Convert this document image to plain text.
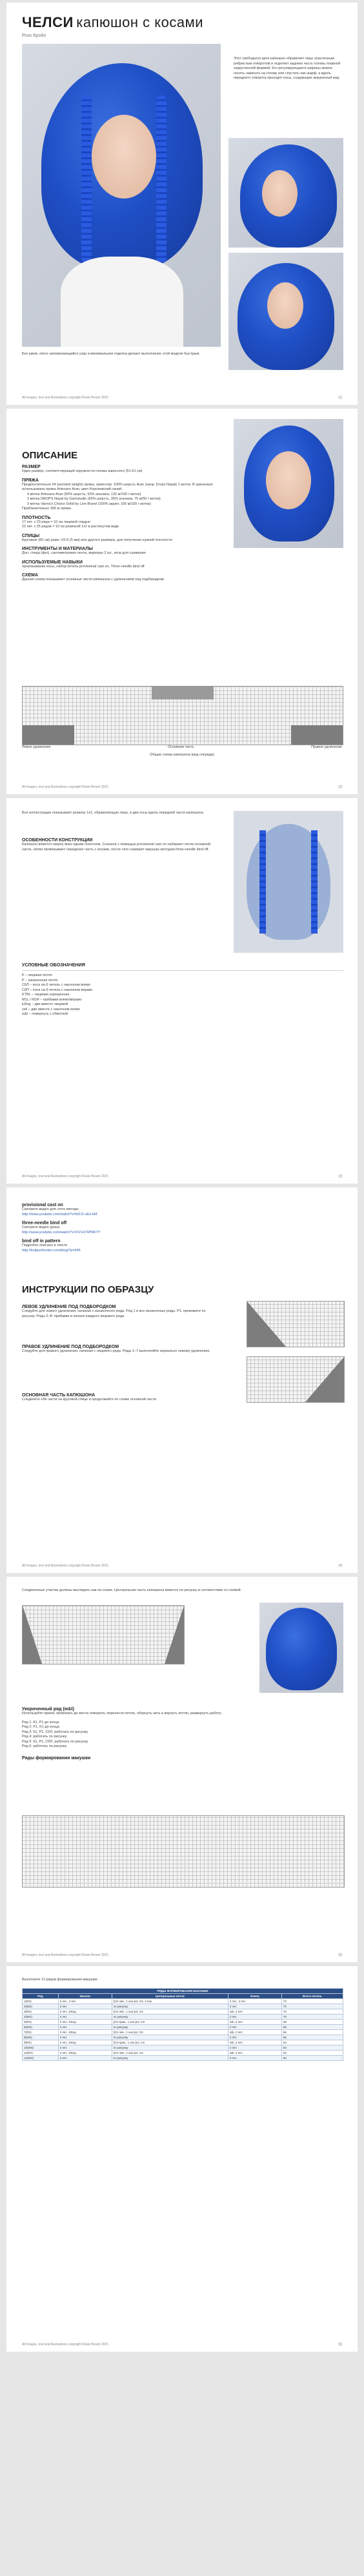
ЧЕЛСИ капюшон с косами
Розо Бройл
Этот свободного кроя капюшон обрамляет лицо эластичным рябристым отворотом и отделяет заднюю часть головы плавной закругленной формой. Его регулирующиеся ширины можно носить накинуть на голову или спустить как шарф, а вдоль переднего отворота проходят косы, создающие аккуратный вид.
Без швов, легко запоминающийся узор и минимальная отделка делают выполнение этой модели быстрым.
All images, text and illustrations copyright Rosie Brown 2015	[1]
ОПИСАНИЕ
РАЗМЕР
Один размер, соответствующий окружности головы взрослого (51-61 см)
ПРЯЖА
Предпочтительно #4 (worsted weight) пряжа, ориентир: 100% шерсть Aran (напр. Drops Nepal) 1 моток. В оригинале использована пряжа Artesano Aran, цвет Королевский синий.
4 мотка Artesano Aran (50% шерсть, 50% альпака; 132 м/100 г моток)
3 мотка DROPS Nepal by Garnstudio (65% шерсть, 35% альпака; 75 м/50 г моток)
3 мотка Vanna's Choice Solid by Lion Brand (100% акрил; 156 м/100 г моток)
Приблизительно 390 м пряжи.
ПЛОТНОСТЬ
17 пет. х 23 ряда = 10 см лицевой гладью
22 пет. х 25 рядов = 10 см резинкой 1х1 в растянутом виде
СПИЦЫ
Круговые (60 см) разм. US 8 (5 мм) или другого размера, для получения нужной плотности
ИНСТРУМЕНТЫ И МАТЕРИАЛЫ
Доп. спица (dpn), сантиметровая лента, маркеры 2 шт., игла для сшивания
ИСПОЛЬЗУЕМЫЕ НАВЫКИ
провязывание косы, набор петель provisional cast on, Three-needle bind off
СХЕМА
Данная схема показывает основные части капюшона с удлинением под подбородком.
Левое удлинение	Основная часть	Правое удлинение
Общая схема капюшона (вид спереди)
All images, text and illustrations copyright Rosie Brown 2015	[2]
Все иллюстрации показывают резинку 1х1, обрамляющую лицо, и две косы вдоль передней части капюшона.
ОСОБЕННОСТИ КОНСТРУКЦИИ
Капюшон вяжется сверху вниз одним полотном. Сначала с помощью provisional cast on набирают петли основной части, затем провязывают переднюю часть с косами, после чего сшивают макушку методом three-needle bind off.
УСЛОВНЫЕ ОБОЗНАЧЕНИЯ
К – лицевая петля
Р – изнаночная петля
С6Л – коса на 6 петель с наклоном влево
С6П – коса на 6 петель с наклоном вправо
KTBL – лицевая скрещенная
M1L / M1R – прибавки влево/вправо
k2tog – две вместе лицевой
ssk – две вместе с наклоном влево
w&t – повернуть с обмоткой
All images, text and illustrations copyright Rosie Brown 2015	[3]
provisional cast on
Смотрите видео для этого метода:
http://www.youtube.com/watch?v=bDJ1-sEn-kM
three-needle bind off
Смотрите видео урока:
http://www.youtube.com/watch?v=OV1474PNKTY
bind off in pattern
Подробно описано в тексте
http://knitpurlhunter.com/blog/?p=645
ИНСТРУКЦИИ ПО ОБРАЗЦУ
ЛЕВОЕ УДЛИНЕНИЕ ПОД ПОДБОРОДКОМ
Следуйте для левого удлинения, начиная с изнаночного ряда. Ряд 1 и все изнаночные ряды: Р1, провяжите по рисунку. Ряды 2–8: прибавки в начале каждого лицевого ряда.
ПРАВОЕ УДЛИНЕНИЕ ПОД ПОДБОРОДКОМ
Следуйте для правого удлинения, начиная с лицевого ряда. Ряды 1–7 выполняйте зеркально левому удлинению.
ОСНОВНАЯ ЧАСТЬ КАПЮШОНА
Соедините обе части на круговой спице и продолжайте по схеме основной части.
All images, text and illustrations copyright Rosie Brown 2015	[4]
Соединенные участки должны выглядеть как на схеме. Центральная часть капюшона вяжется по рисунку в соответствии со схемой.
Укороченный ряд (w&t)
Используйте прием: провязать до места поворота, перенести петлю, обернуть нить и вернуть петлю, развернуть работу.
Ряд 1: К1, P1 до конца
Ряд 2: P1, K1 до конца
Ряд 3: К1, P1, С6Л, работать по рисунку
Ряд 4: работать по рисунку
Ряд 5: К1, P1, С6П, работать по рисунку
Ряд 6: работать по рисунку
Ряды формирования макушки
All images, text and illustrations copyright Rosie Brown 2015	[5]
Выполните 12 рядов формирования макушки.
РЯДЫ ФОРМИРОВАНИЯ МАКУШКИ				
Ряд	Начало	Центральные петли	Конец	Всего петель
1(RS)	2 пет., 4 пет.	[C6 лев., 1 изн.]x4, C6, 2 изн.	2 пет., 4 пет.	72
2(WS)	2 пет.	по рисунку	2 пет.	72
3(RS)	2 пет., k2tog	[C6 лев., 1 изн.]x4, C6	ssk, 2 пет.	70
4(WS)	2 пет.	по рисунку	2 пет.	70
5(RS)	2 пет., k2tog	[C6 прав., 1 изн.]x4, C6	ssk, 2 пет.	68
6(WS)	2 пет.	по рисунку	2 пет.	68
7(RS)	2 пет., k2tog	[C6 лев., 1 изн.]x4, C6	ssk, 2 пет.	66
8(WS)	2 пет.	по рисунку	2 пет.	66
9(RS)	2 пет., k2tog	[C6 прав., 1 изн.]x4, C6	ssk, 2 пет.	64
10(WS)	2 пет.	по рисунку	2 пет.	64
11(RS)	2 пет., k2tog	[C6 лев., 1 изн.]x4, C6	ssk, 2 пет.	62
12(WS)	2 пет.	по рисунку	2 пет.	62
All images, text and illustrations copyright Rosie Brown 2015	[6]
